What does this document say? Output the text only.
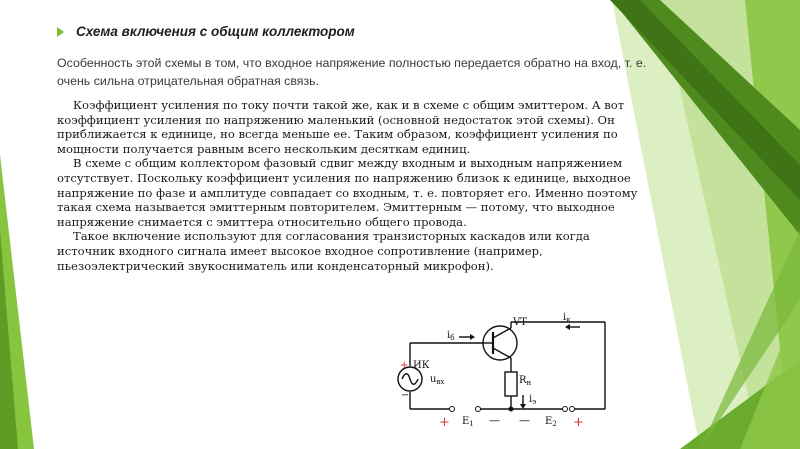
Схема включения с общим коллектором
Особенность этой схемы в том, что входное напряжение полностью передается обратно на вход, т. е. очень сильна отрицательная обратная связь.

Коэффициент усиления по току почти такой же, как и в схеме с общим эмиттером. А вот коэффициент усиления по напряжению маленький (основной недостаток этой схемы). Он приближается к единице, но всегда меньше ее. Таким образом, коэффициент усиления по мощности получается равным всего нескольким десяткам единиц.

В схеме с общим коллектором фазовый сдвиг между входным и выходным напряжением отсутствует. Поскольку коэффициент усиления по напряжению близок к единице, выходное напряжение по фазе и амплитуде совпадает со входным, т. е. повторяет его. Именно поэтому такая схема называется эмиттерным повторителем. Эмиттерным — потому, что выходное напряжение снимается с эмиттера относительно общего провода.

Такое включение используют для согласования транзисторных каскадов или когда источник входного сигнала имеет высокое входное сопротивление (например, пьезоэлектрический звукосниматель или конденсаторный микрофон).

VT
$i_б$
$i_к$
ИК
$u_{вх}$	$R_н$
$i_э$
+
−
+ $Е_1$ — — $Е_2$ +
